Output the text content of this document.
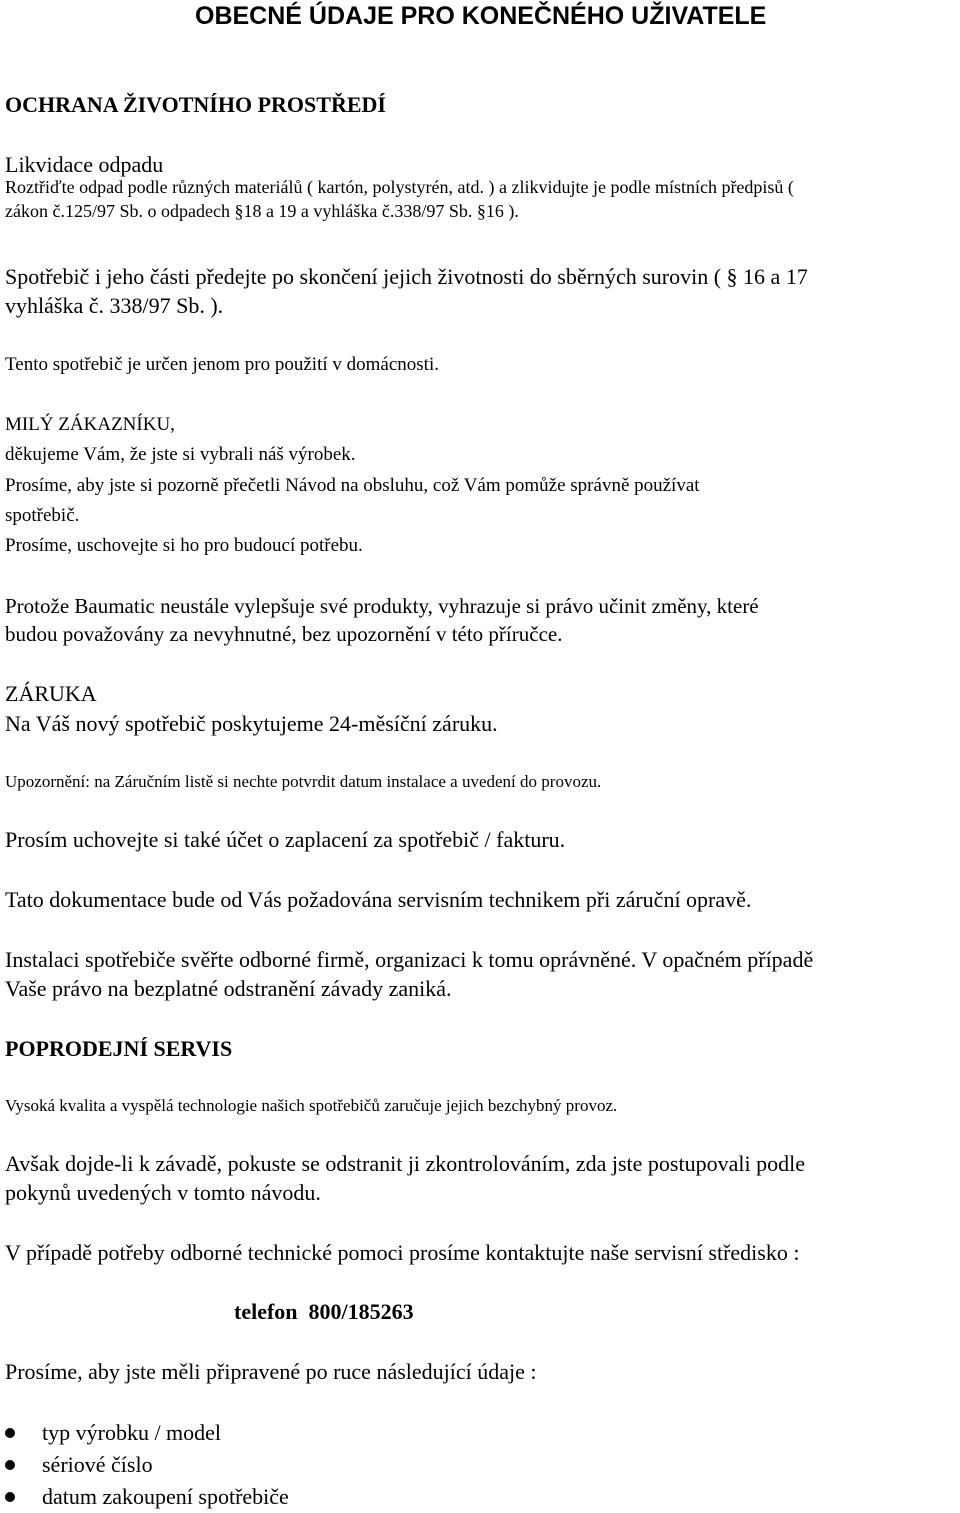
OBECNÉ ÚDAJE PRO KONEČNÉHO UŽIVATELE
OCHRANA ŽIVOTNÍHO PROSTŘEDÍ
Likvidace odpadu
Roztřiďte odpad podle různých materiálů ( kartón, polystyrén, atd. ) a zlikvidujte je podle místních předpisů (
zákon č.125/97 Sb. o odpadech §18 a 19 a vyhláška č.338/97 Sb. §16 ).
Spotřebič i jeho části předejte po skončení jejich životnosti do sběrných surovin ( § 16 a 17
vyhláška č. 338/97 Sb. ).
Tento spotřebič je určen jenom pro použití v domácnosti.
MILÝ ZÁKAZNÍKU,
děkujeme Vám, že jste si vybrali náš výrobek.
Prosíme, aby jste si pozorně přečetli Návod na obsluhu, což Vám pomůže správně používat
spotřebič.
Prosíme, uschovejte si ho pro budoucí potřebu.
Protože Baumatic neustále vylepšuje své produkty, vyhrazuje si právo učinit změny, které
budou považovány za nevyhnutné, bez upozornění v této příručce.
ZÁRUKA
Na Váš nový spotřebič poskytujeme 24-měsíční záruku.
Upozornění: na Záručním listě si nechte potvrdit datum instalace a uvedení do provozu.
Prosím uchovejte si také účet o zaplacení za spotřebič / fakturu.
Tato dokumentace bude od Vás požadována servisním technikem při záruční opravě.
Instalaci spotřebiče svěřte odborné firmě, organizaci k tomu oprávněné. V opačném případě
Vaše právo na bezplatné odstranění závady zaniká.
POPRODEJNÍ SERVIS
Vysoká kvalita a vyspělá technologie našich spotřebičů zaručuje jejich bezchybný provoz.
Avšak dojde-li k závadě, pokuste se odstranit ji zkontrolováním, zda jste postupovali podle
pokynů uvedených v tomto návodu.
V případě potřeby odborné technické pomoci prosíme kontaktujte naše servisní středisko :
telefon  800/185263
Prosíme, aby jste měli připravené po ruce následující údaje :
typ výrobku / model
sériové číslo
datum zakoupení spotřebiče
